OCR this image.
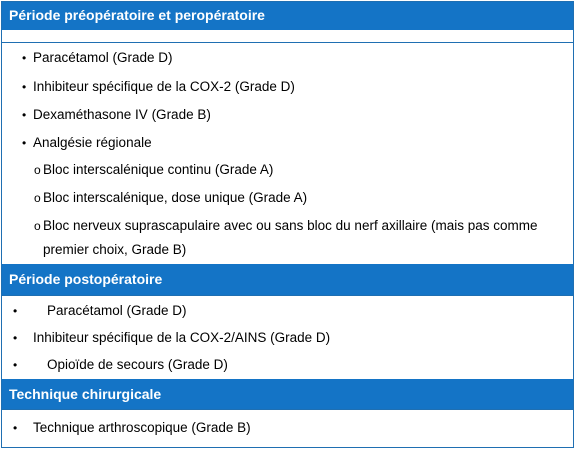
Période préopératoire et peropératoire
• Paracétamol (Grade D)
• Inhibiteur spécifique de la COX-2 (Grade D)
• Dexaméthasone IV (Grade B)
• Analgésie régionale
o Bloc interscalénique continu (Grade A)
o Bloc interscalénique, dose unique (Grade A)
o Bloc nerveux suprascapulaire avec ou sans bloc du nerf axillaire (mais pas comme
premier choix, Grade B)
Période postopératoire
• Paracétamol (Grade D)
• Inhibiteur spécifique de la COX-2/AINS (Grade D)
• Opioïde de secours (Grade D)
Technique chirurgicale
• Technique arthroscopique (Grade B)
